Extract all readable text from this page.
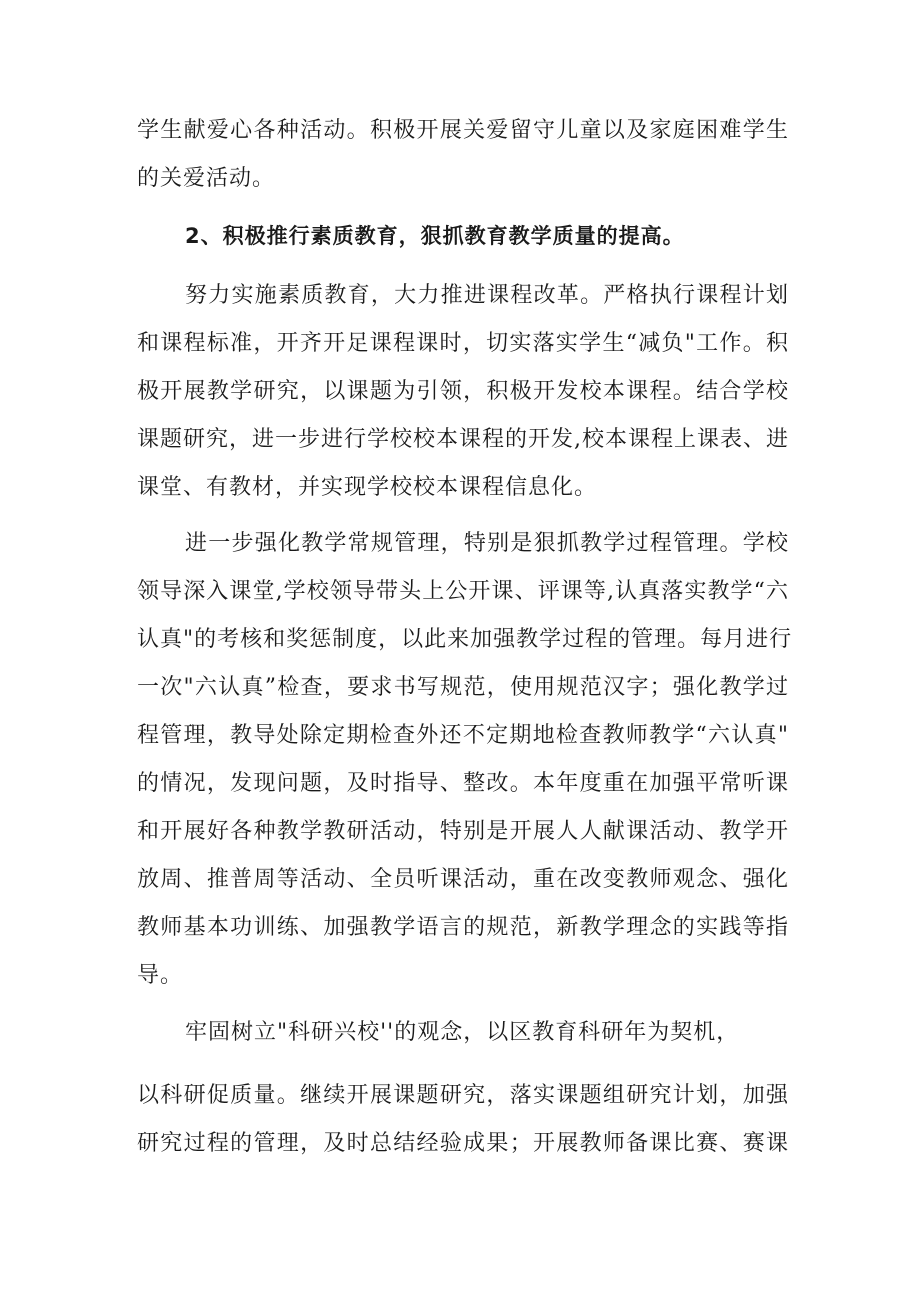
学生献爱心各种活动。积极开展关爱留守儿童以及家庭困难学生
的关爱活动。
2、积极推行素质教育，狠抓教育教学质量的提高。
努力实施素质教育，大力推进课程改革。严格执行课程计划
和课程标准，开齐开足课程课时，切实落实学生“减负"工作。积
极开展教学研究，以课题为引领，积极开发校本课程。结合学校
课题研究，进一步进行学校校本课程的开发,校本课程上课表、进
课堂、有教材，并实现学校校本课程信息化。
进一步强化教学常规管理，特别是狠抓教学过程管理。学校
领导深入课堂,学校领导带头上公开课、评课等,认真落实教学“六
认真"的考核和奖惩制度，以此来加强教学过程的管理。每月进行
一次"六认真”检查，要求书写规范，使用规范汉字；强化教学过
程管理，教导处除定期检查外还不定期地检查教师教学“六认真"
的情况，发现问题，及时指导、整改。本年度重在加强平常听课
和开展好各种教学教研活动，特别是开展人人献课活动、教学开
放周、推普周等活动、全员听课活动，重在改变教师观念、强化
教师基本功训练、加强教学语言的规范，新教学理念的实践等指
导。
牢固树立"科研兴校''的观念，以区教育科研年为契机，
以科研促质量。继续开展课题研究，落实课题组研究计划，加强
研究过程的管理，及时总结经验成果；开展教师备课比赛、赛课
